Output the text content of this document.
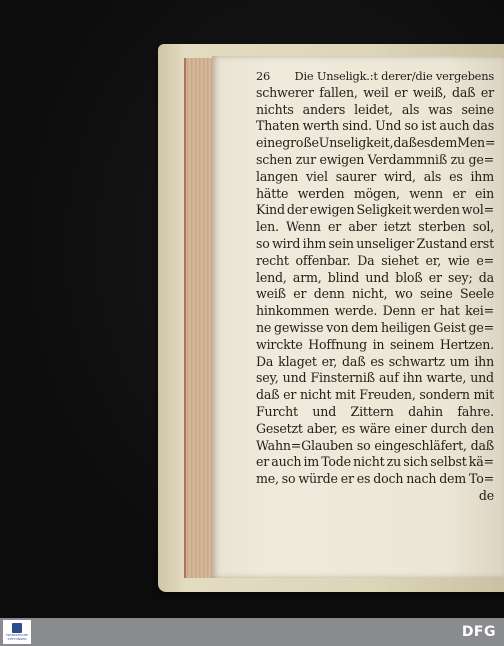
26 Die Unseligk.:t derer/die vergebens
schwerer fallen, weil er weiß, daß er
nichts anders leidet, als was seine
Thaten werth sind. Und so ist auch das
eine große Unseligkeit, daß es dem Men=
schen zur ewigen Verdammniß zu ge=
langen viel saurer wird, als es ihm
hätte werden mögen, wenn er ein
Kind der ewigen Seligkeit werden wol=
len. Wenn er aber ietzt sterben sol,
so wird ihm sein unseliger Zustand erst
recht offenbar. Da siehet er, wie e=
lend, arm, blind und bloß er sey; da
weiß er denn nicht, wo seine Seele
hinkommen werde. Denn er hat kei=
ne gewisse von dem heiligen Geist ge=
wirckte Hoffnung in seinem Hertzen.
Da klaget er, daß es schwartz um ihn
sey, und Finsterniß auf ihn warte, und
daß er nicht mit Freuden, sondern mit
Furcht und Zittern dahin fahre.
Gesetzt aber, es wäre einer durch den
Wahn=Glauben so eingeschläfert, daß
er auch im Tode nicht zu sich selbst kä=
me, so würde er es doch nach dem To=
de
FRANCKESCHE
STIFTUNGEN	DFG
